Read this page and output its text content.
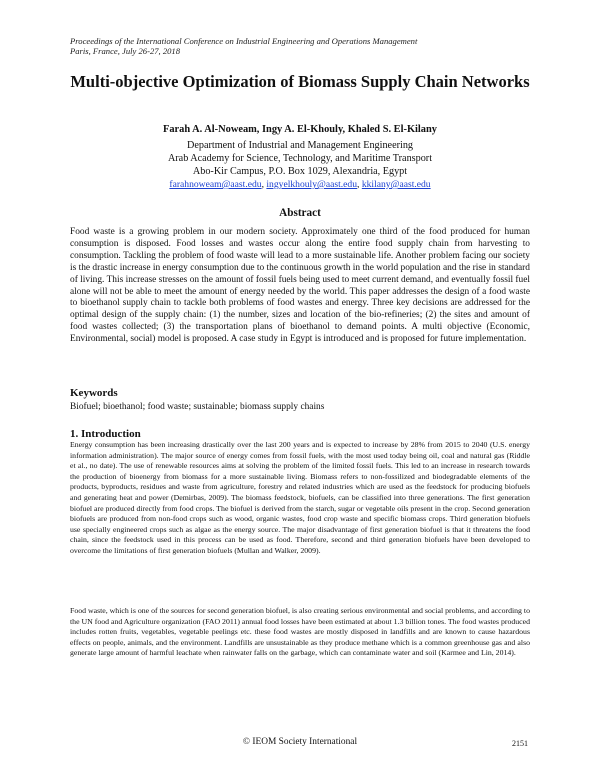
Proceedings of the International Conference on Industrial Engineering and Operations Management
Paris, France, July 26-27, 2018
Multi-objective Optimization of Biomass Supply Chain Networks
Farah A. Al-Noweam, Ingy A. El-Khouly, Khaled S. El-Kilany
Department of Industrial and Management Engineering
Arab Academy for Science, Technology, and Maritime Transport
Abo-Kir Campus, P.O. Box 1029, Alexandria, Egypt
farahnoweam@aast.edu, ingyelkhouly@aast.edu, kkilany@aast.edu
Abstract

Food waste is a growing problem in our modern society. Approximately one third of the food produced for human consumption is disposed. Food losses and wastes occur along the entire food supply chain from harvesting to consumption. Tackling the problem of food waste will lead to a more sustainable life. Another problem facing our society is the drastic increase in energy consumption due to the continuous growth in the world population and the rise in standard of living. This increase stresses on the amount of fossil fuels being used to meet current demand, and eventually fossil fuel alone will not be able to meet the amount of energy needed by the world. This paper addresses the design of a food waste to bioethanol supply chain to tackle both problems of food wastes and energy. Three key decisions are addressed for the optimal design of the supply chain: (1) the number, sizes and location of the bio-refineries; (2) the sites and amount of food wastes collected; (3) the transportation plans of bioethanol to demand points. A multi objective (Economic, Environmental, social) model is proposed. A case study in Egypt is introduced and is proposed for future implementation.

Keywords
Biofuel; bioethanol; food waste; sustainable; biomass supply chains
1. Introduction

Energy consumption has been increasing drastically over the last 200 years and is expected to increase by 28% from 2015 to 2040 (U.S. energy information administration). The major source of energy comes from fossil fuels, with the most used today being oil, coal and natural gas (Riddle et al., no date). The use of renewable resources aims at solving the problem of the limited fossil fuels. This led to an increase in research towards the production of bioenergy from biomass for a more sustainable living. Biomass refers to non-fossilized and biodegradable elements of the products, byproducts, residues and waste from agriculture, forestry and related industries which are used as the feedstock for producing biofuels and generating heat and power (Demirbas, 2009). The biomass feedstock, biofuels, can be classified into three generations. The first generation biofuel are produced directly from food crops. The biofuel is derived from the starch, sugar or vegetable oils present in the crop. Second generation biofuels are produced from non-food crops such as wood, organic wastes, food crop waste and specific biomass crops. Third generation biofuels use specially engineered crops such as algae as the energy source. The major disadvantage of first generation biofuel is that it threatens the food chain, since the feedstock used in this process can be used as food. Therefore, second and third generation biofuels have been developed to overcome the limitations of first generation biofuels (Mullan and Walker, 2009).

Food waste, which is one of the sources for second generation biofuel, is also creating serious environmental and social problems, and according to the UN food and Agriculture organization (FAO 2011) annual food losses have been estimated at about 1.3 billion tones. The food wastes produced includes rotten fruits, vegetables, vegetable peelings etc. these food wastes are mostly disposed in landfills and are known to cause hazardous effects on people, animals, and the environment. Landfills are unsustainable as they produce methane which is a common greenhouse gas and also generate large amount of harmful leachate when rainwater falls on the garbage, which can contaminate water and soil (Karmee and Lin, 2014).

© IEOM Society International	2151
